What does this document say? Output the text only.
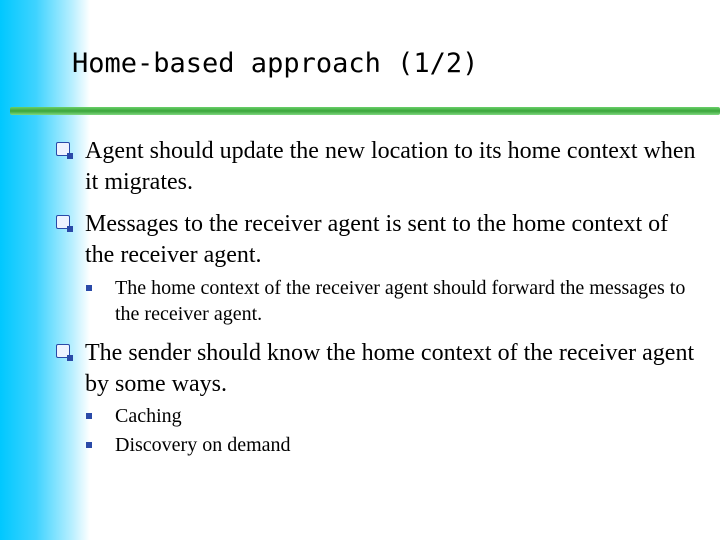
Home-based approach (1/2)
Agent should update the new location to its home context when it migrates.
Messages to the receiver agent is sent to the home context of the receiver agent.
The home context of the receiver agent should forward the messages to the receiver agent.
The sender should know the home context of the receiver agent by some ways.
Caching
Discovery on demand
